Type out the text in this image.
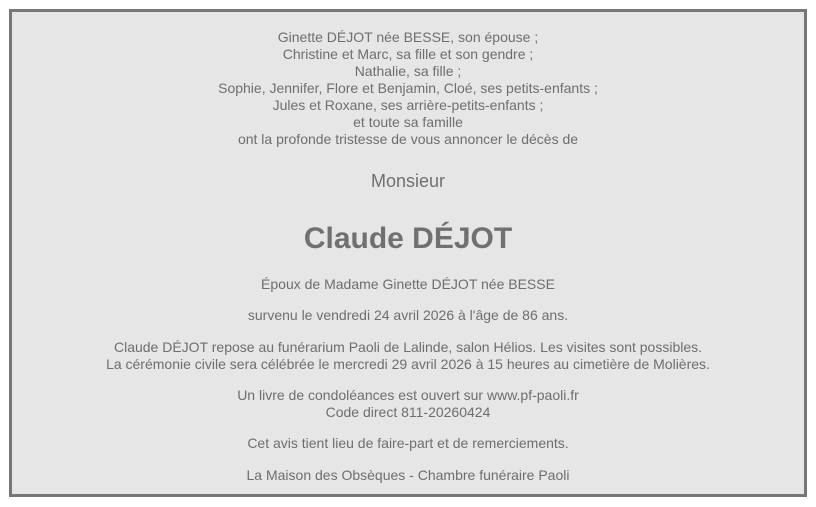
Ginette DÉJOT née BESSE, son épouse ;
Christine et Marc, sa fille et son gendre ;
Nathalie, sa fille ;
Sophie, Jennifer, Flore et Benjamin, Cloé, ses petits-enfants ;
Jules et Roxane, ses arrière-petits-enfants ;
et toute sa famille
ont la profonde tristesse de vous annoncer le décès de
Monsieur
Claude DÉJOT
Époux de Madame Ginette DÉJOT née BESSE
survenu le vendredi 24 avril 2026 à l'âge de 86 ans.
Claude DÉJOT repose au funérarium Paoli de Lalinde, salon Hélios. Les visites sont possibles.
La cérémonie civile sera célébrée le mercredi 29 avril 2026 à 15 heures au cimetière de Molières.
Un livre de condoléances est ouvert sur www.pf-paoli.fr
Code direct 811-20260424
Cet avis tient lieu de faire-part et de remerciements.
La Maison des Obsèques - Chambre funéraire Paoli
